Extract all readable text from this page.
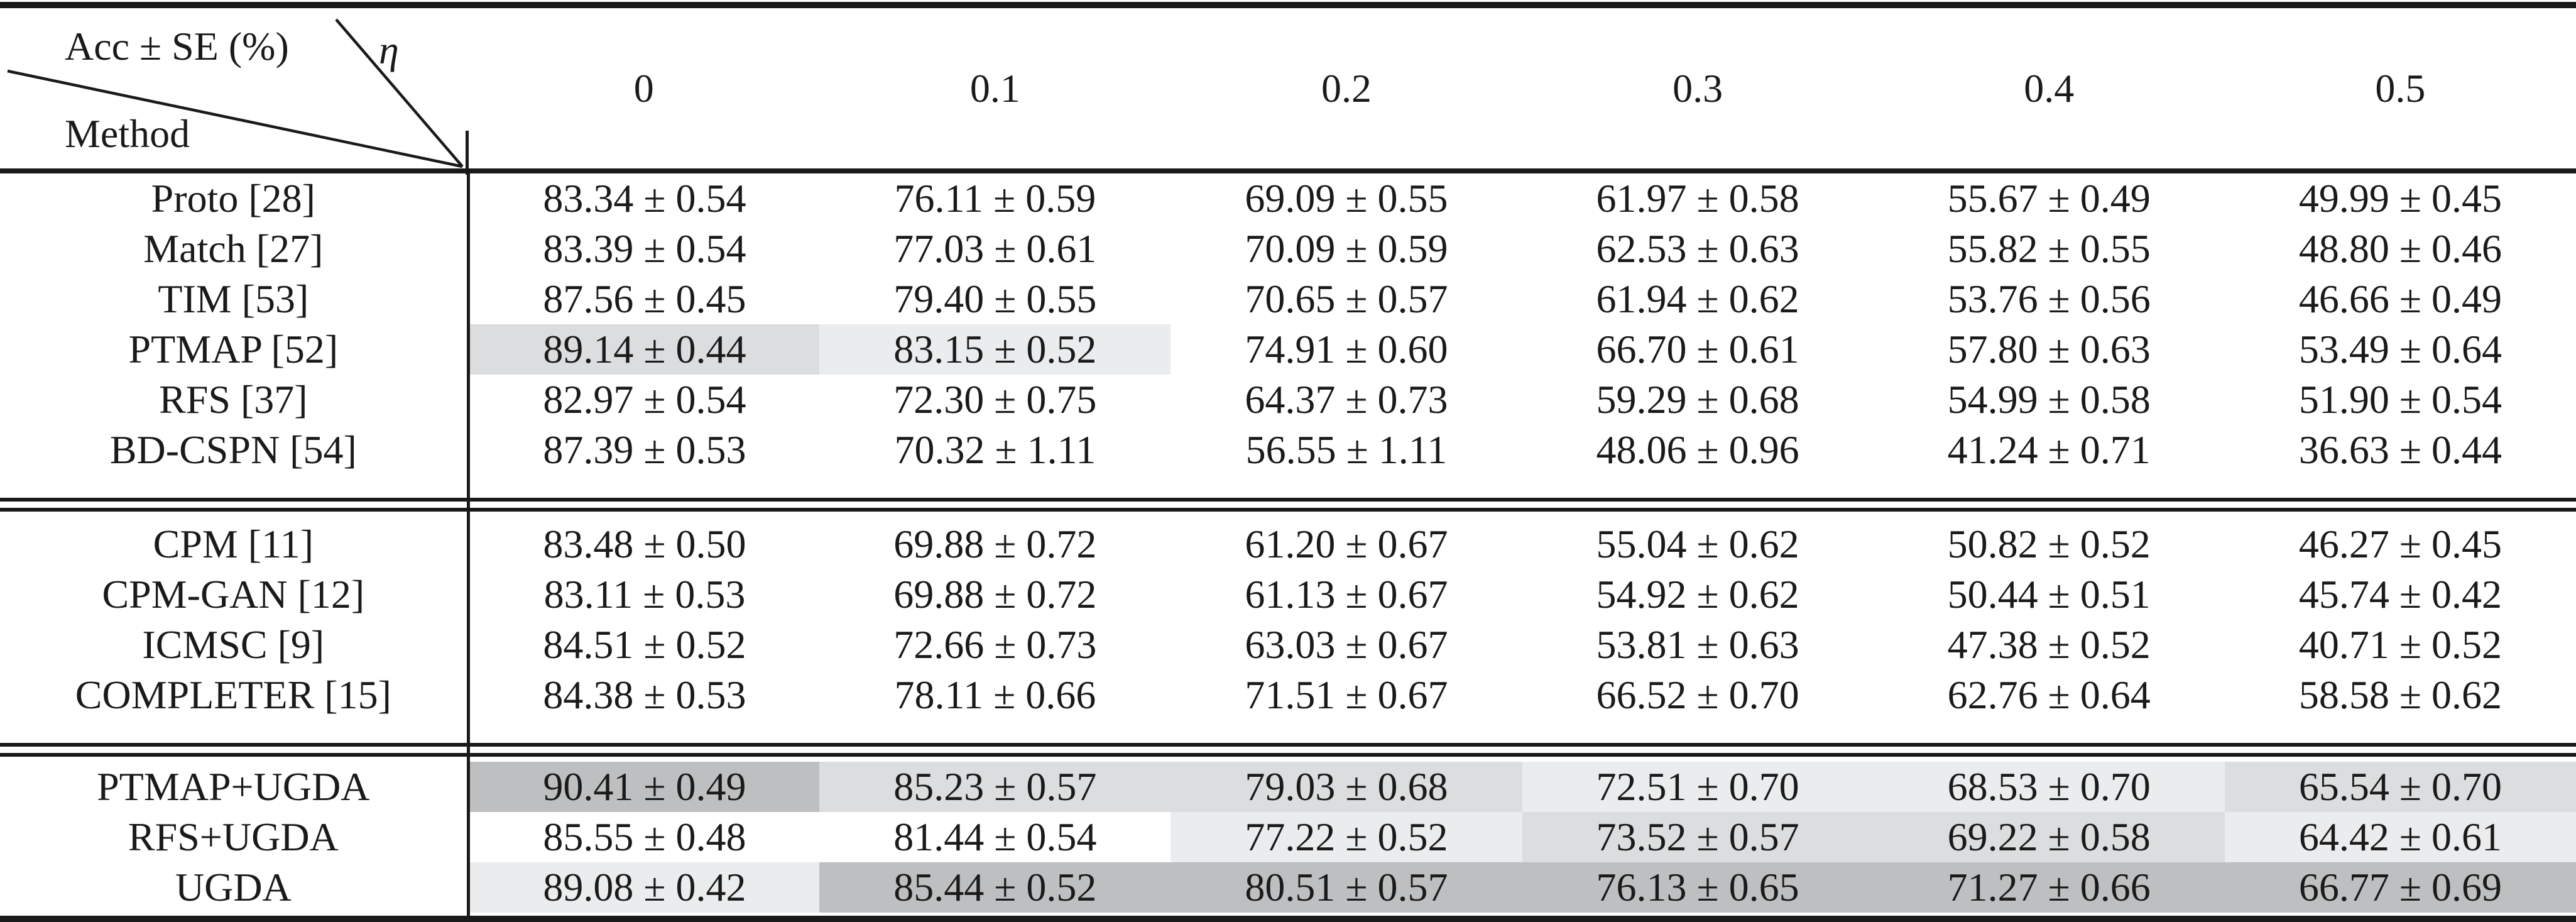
Acc ± SE (%) η
Method	0	0.1	0.2	0.3	0.4	0.5
Proto [28]	83.34 ± 0.54	76.11 ± 0.59	69.09 ± 0.55	61.97 ± 0.58	55.67 ± 0.49	49.99 ± 0.45
Match [27]	83.39 ± 0.54	77.03 ± 0.61	70.09 ± 0.59	62.53 ± 0.63	55.82 ± 0.55	48.80 ± 0.46
TIM [53]	87.56 ± 0.45	79.40 ± 0.55	70.65 ± 0.57	61.94 ± 0.62	53.76 ± 0.56	46.66 ± 0.49
PTMAP [52]	89.14 ± 0.44	83.15 ± 0.52	74.91 ± 0.60	66.70 ± 0.61	57.80 ± 0.63	53.49 ± 0.64
RFS [37]	82.97 ± 0.54	72.30 ± 0.75	64.37 ± 0.73	59.29 ± 0.68	54.99 ± 0.58	51.90 ± 0.54
BD-CSPN [54]	87.39 ± 0.53	70.32 ± 1.11	56.55 ± 1.11	48.06 ± 0.96	41.24 ± 0.71	36.63 ± 0.44

CPM [11]	83.48 ± 0.50	69.88 ± 0.72	61.20 ± 0.67	55.04 ± 0.62	50.82 ± 0.52	46.27 ± 0.45
CPM-GAN [12]	83.11 ± 0.53	69.88 ± 0.72	61.13 ± 0.67	54.92 ± 0.62	50.44 ± 0.51	45.74 ± 0.42
ICMSC [9]	84.51 ± 0.52	72.66 ± 0.73	63.03 ± 0.67	53.81 ± 0.63	47.38 ± 0.52	40.71 ± 0.52
COMPLETER [15]	84.38 ± 0.53	78.11 ± 0.66	71.51 ± 0.67	66.52 ± 0.70	62.76 ± 0.64	58.58 ± 0.62

PTMAP+UGDA	90.41 ± 0.49	85.23 ± 0.57	79.03 ± 0.68	72.51 ± 0.70	68.53 ± 0.70	65.54 ± 0.70
RFS+UGDA	85.55 ± 0.48	81.44 ± 0.54	77.22 ± 0.52	73.52 ± 0.57	69.22 ± 0.58	64.42 ± 0.61
UGDA	89.08 ± 0.42	85.44 ± 0.52	80.51 ± 0.57	76.13 ± 0.65	71.27 ± 0.66	66.77 ± 0.69
